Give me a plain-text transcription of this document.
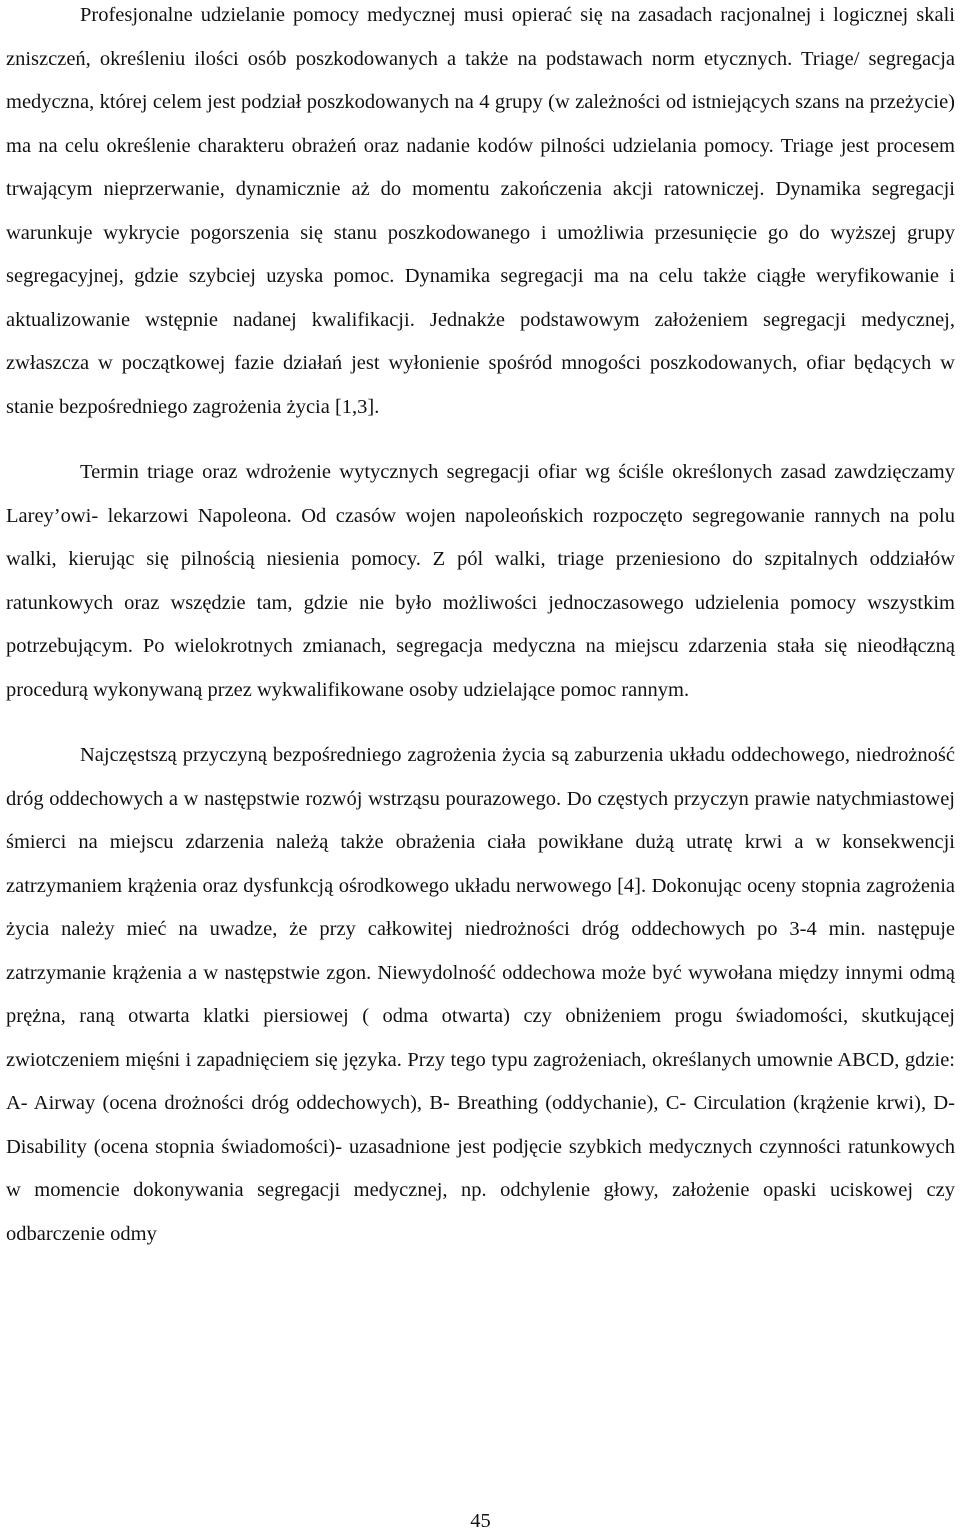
Profesjonalne udzielanie pomocy medycznej musi opierać się na zasadach racjonalnej i logicznej skali zniszczeń, określeniu ilości osób poszkodowanych a także na podstawach norm etycznych. Triage/ segregacja medyczna, której celem jest podział poszkodowanych na 4 grupy (w zależności od istniejących szans na przeżycie) ma na celu określenie charakteru obrażeń oraz nadanie kodów pilności udzielania pomocy. Triage jest procesem trwającym nieprzerwanie, dynamicznie aż do momentu zakończenia akcji ratowniczej. Dynamika segregacji warunkuje wykrycie pogorszenia się stanu poszkodowanego i umożliwia przesunięcie go do wyższej grupy segregacyjnej, gdzie szybciej uzyska pomoc. Dynamika segregacji ma na celu także ciągłe weryfikowanie i aktualizowanie wstępnie nadanej kwalifikacji. Jednakże podstawowym założeniem segregacji medycznej, zwłaszcza w początkowej fazie działań jest wyłonienie spośród mnogości poszkodowanych, ofiar będących w stanie bezpośredniego zagrożenia życia [1,3].

Termin triage oraz wdrożenie wytycznych segregacji ofiar wg ściśle określonych zasad zawdzięczamy Larey’owi- lekarzowi Napoleona. Od czasów wojen napoleońskich rozpoczęto segregowanie rannych na polu walki, kierując się pilnością niesienia pomocy. Z pól walki, triage przeniesiono do szpitalnych oddziałów ratunkowych oraz wszędzie tam, gdzie nie było możliwości jednoczasowego udzielenia pomocy wszystkim potrzebującym. Po wielokrotnych zmianach, segregacja medyczna na miejscu zdarzenia stała się nieodłączną procedurą wykonywaną przez wykwalifikowane osoby udzielające pomoc rannym.

Najczęstszą przyczyną bezpośredniego zagrożenia życia są zaburzenia układu oddechowego, niedrożność dróg oddechowych a w następstwie rozwój wstrząsu pourazowego. Do częstych przyczyn prawie natychmiastowej śmierci na miejscu zdarzenia należą także obrażenia ciała powikłane dużą utratę krwi a w konsekwencji zatrzymaniem krążenia oraz dysfunkcją ośrodkowego układu nerwowego [4]. Dokonując oceny stopnia zagrożenia życia należy mieć na uwadze, że przy całkowitej niedrożności dróg oddechowych po 3-4 min. następuje zatrzymanie krążenia a w następstwie zgon. Niewydolność oddechowa może być wywołana między innymi odmą prężna, raną otwarta klatki piersiowej ( odma otwarta) czy obniżeniem progu świadomości, skutkującej zwiotczeniem mięśni i zapadnięciem się języka. Przy tego typu zagrożeniach, określanych umownie ABCD, gdzie: A- Airway (ocena drożności dróg oddechowych), B- Breathing (oddychanie), C- Circulation (krążenie krwi), D- Disability (ocena stopnia świadomości)- uzasadnione jest podjęcie szybkich medycznych czynności ratunkowych w momencie dokonywania segregacji medycznej, np. odchylenie głowy, założenie opaski uciskowej czy odbarczenie odmy

45
